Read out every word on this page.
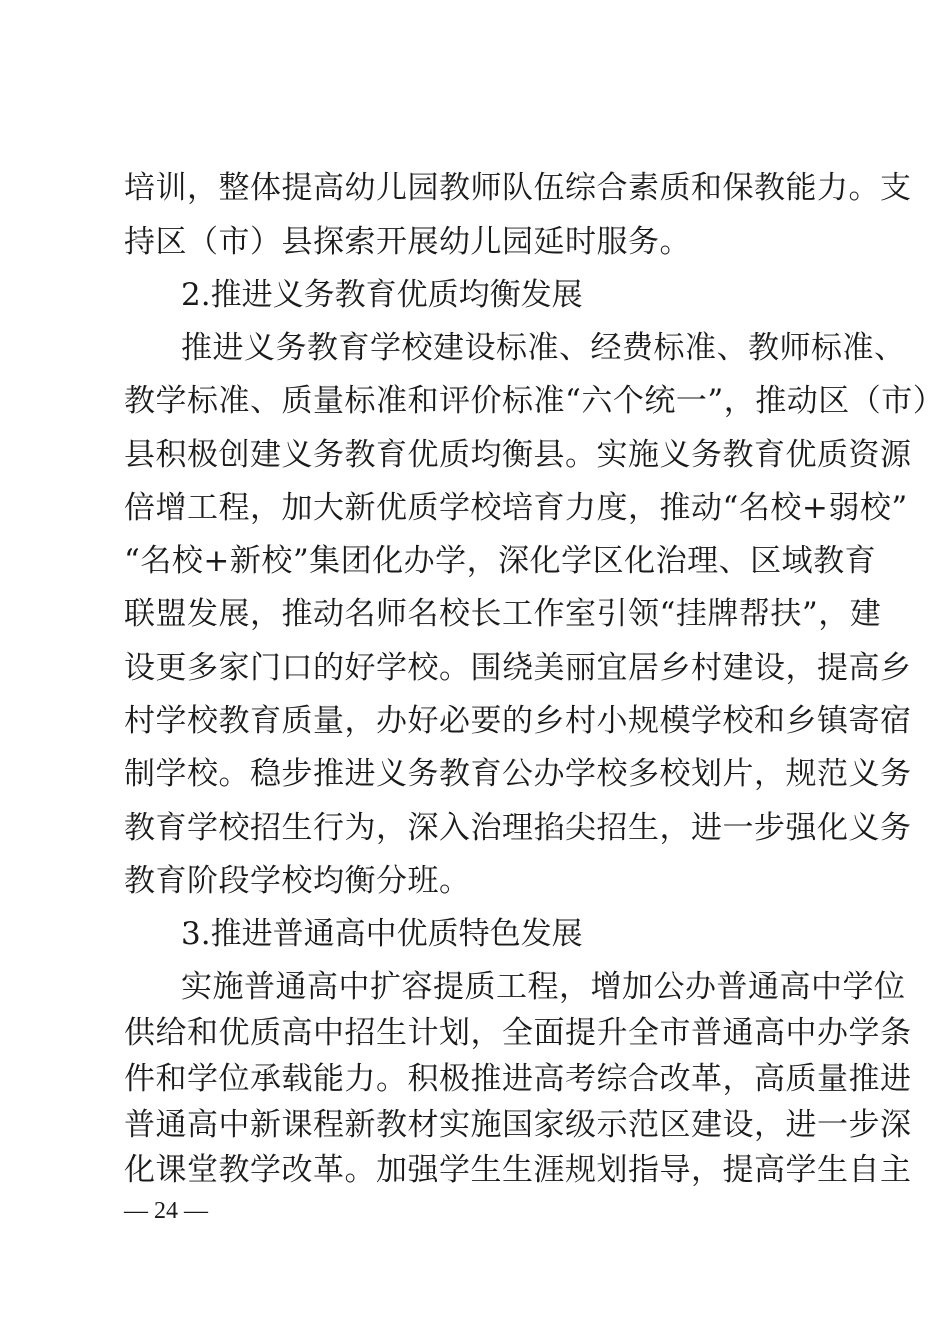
培训，整体提高幼儿园教师队伍综合素质和保教能力。支
持区（市）县探索开展幼儿园延时服务。
2.推进义务教育优质均衡发展
推进义务教育学校建设标准、经费标准、教师标准、
教学标准、质量标准和评价标准“六个统一”，推动区（市）
县积极创建义务教育优质均衡县。实施义务教育优质资源
倍增工程，加大新优质学校培育力度，推动“名校+弱校”
“名校+新校”集团化办学，深化学区化治理、区域教育
联盟发展，推动名师名校长工作室引领“挂牌帮扶”，建
设更多家门口的好学校。围绕美丽宜居乡村建设，提高乡
村学校教育质量，办好必要的乡村小规模学校和乡镇寄宿
制学校。稳步推进义务教育公办学校多校划片，规范义务
教育学校招生行为，深入治理掐尖招生，进一步强化义务
教育阶段学校均衡分班。
3.推进普通高中优质特色发展
实施普通高中扩容提质工程，增加公办普通高中学位
供给和优质高中招生计划，全面提升全市普通高中办学条
件和学位承载能力。积极推进高考综合改革，高质量推进
普通高中新课程新教材实施国家级示范区建设，进一步深
— 24 —
化课堂教学改革。加强学生生涯规划指导，提高学生自主
